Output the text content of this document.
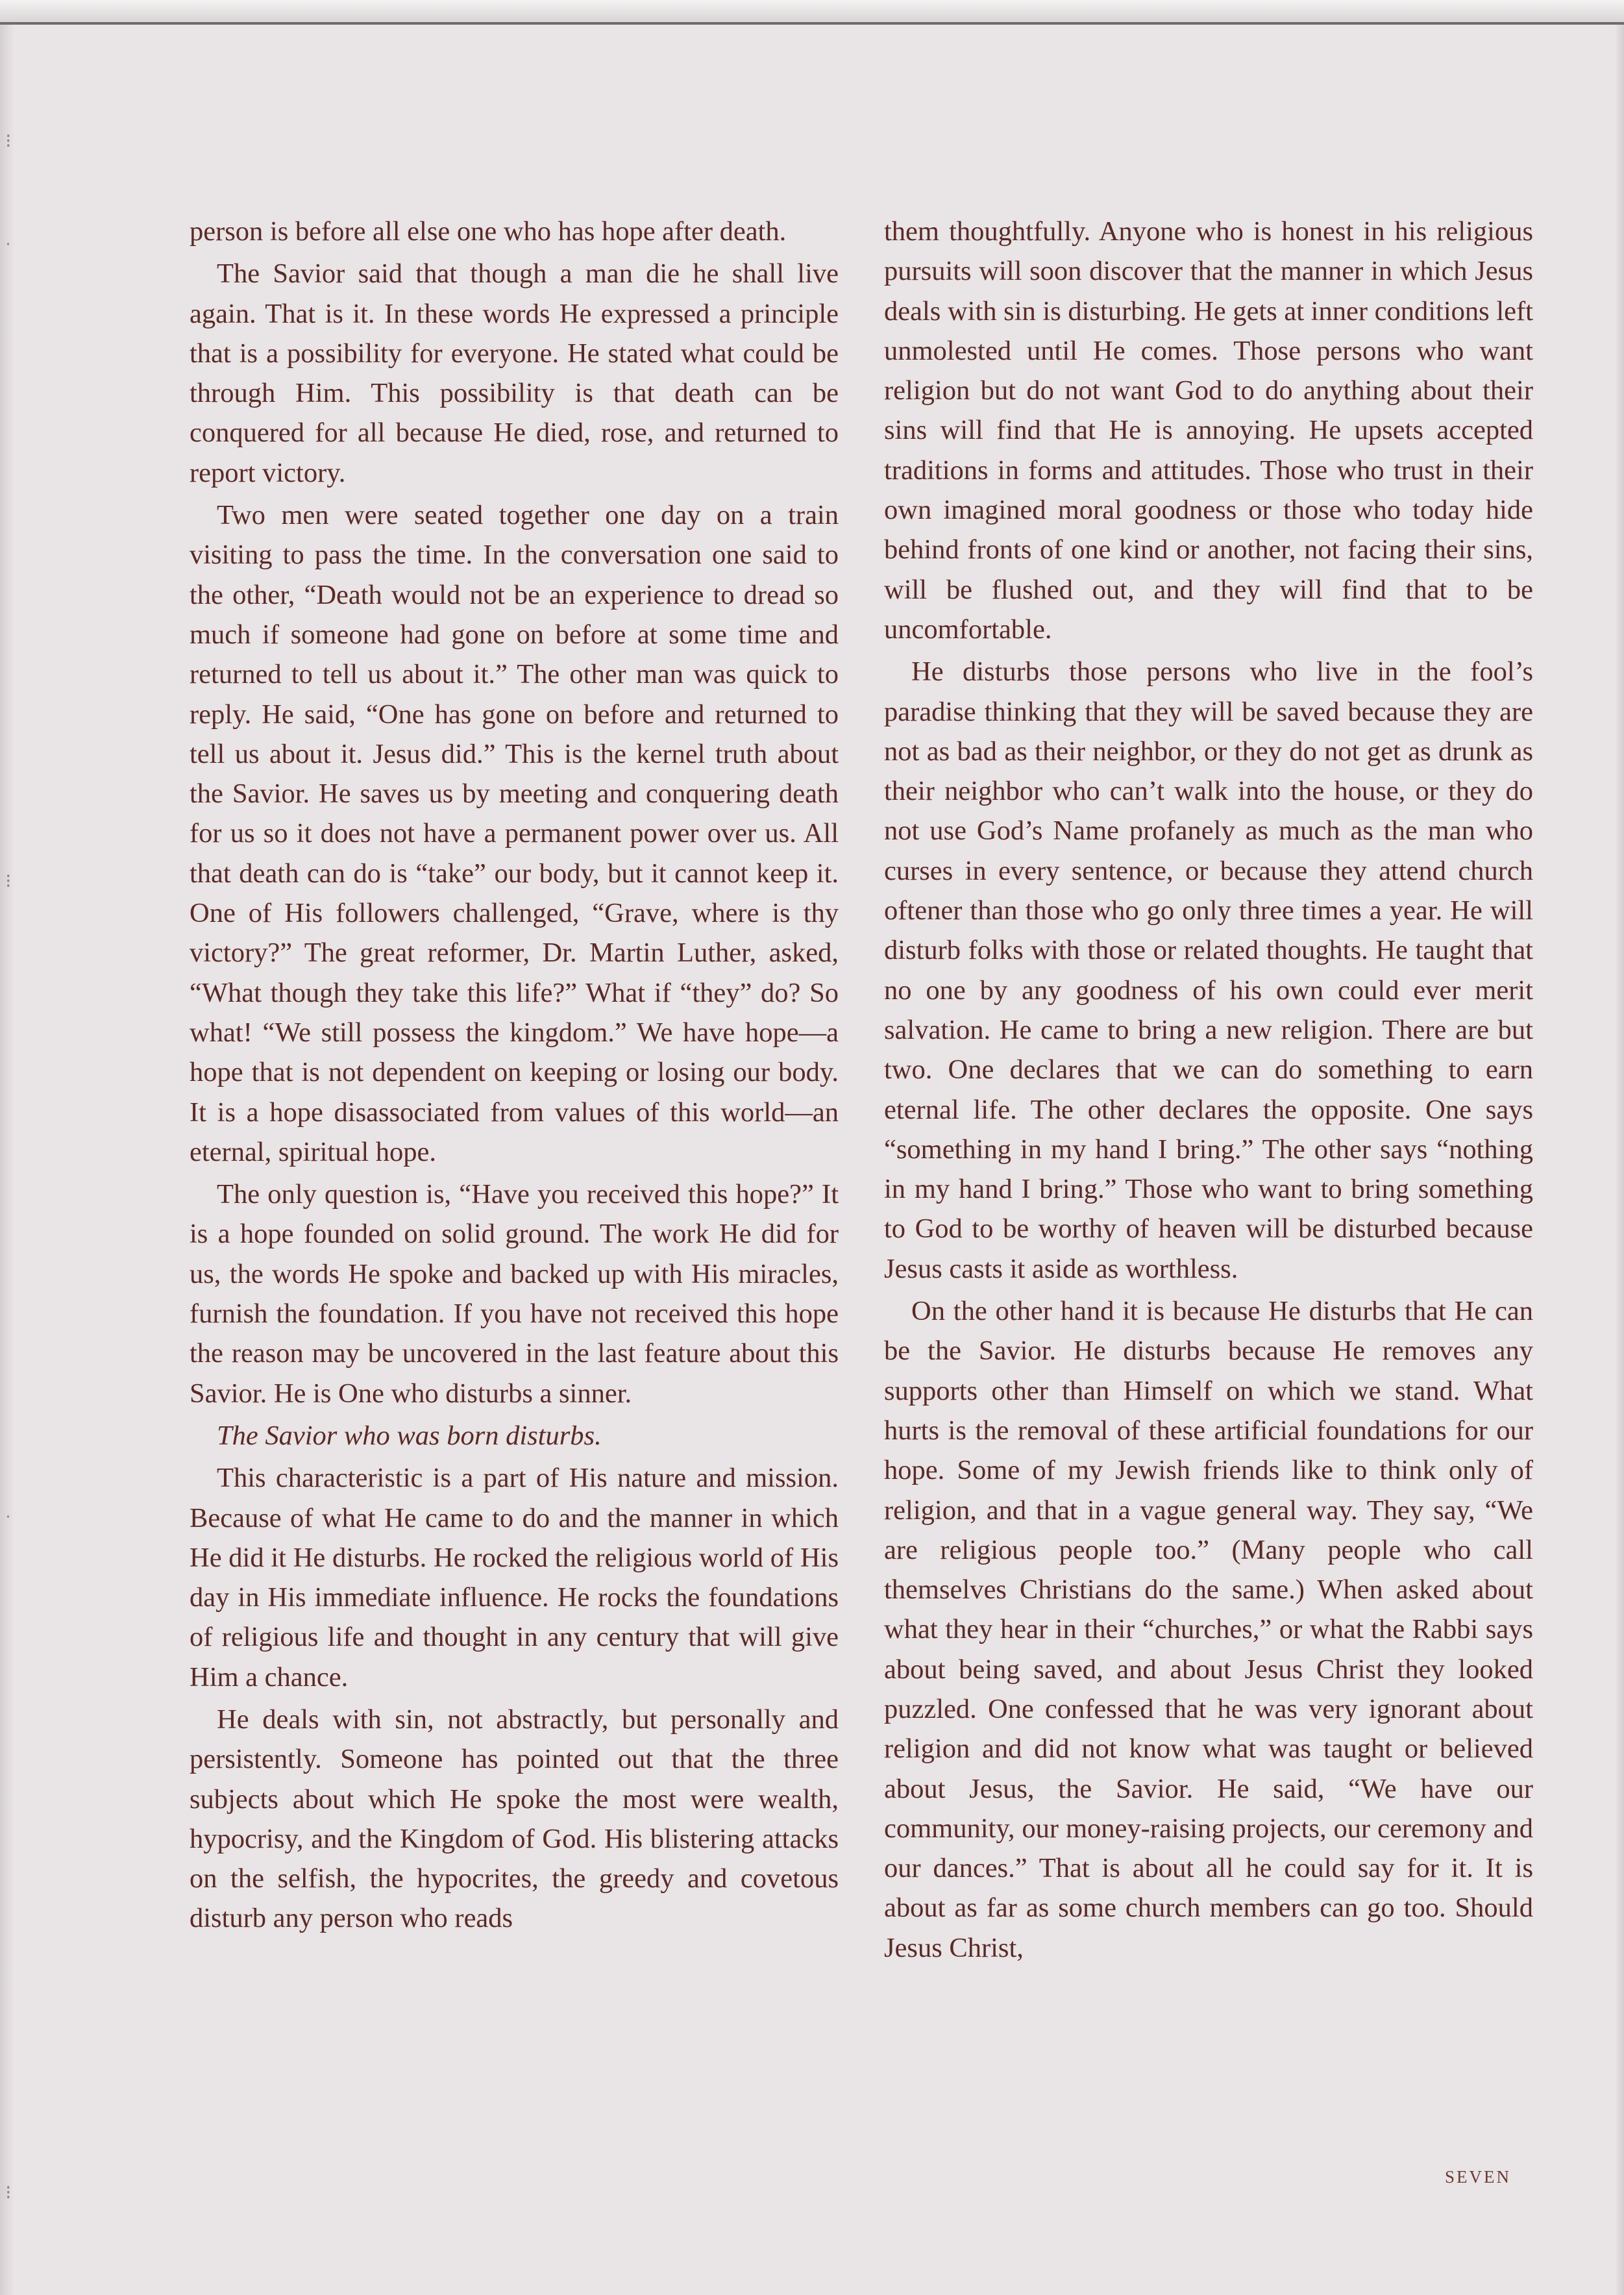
⁝
ᐧ
⁝
ᐧ
⁝

person is before all else one who has hope after death.

The Savior said that though a man die he shall live again. That is it. In these words He expressed a principle that is a possibility for everyone. He stated what could be through Him. This possibility is that death can be conquered for all because He died, rose, and returned to report victory.

Two men were seated together one day on a train visiting to pass the time. In the conversation one said to the other, “Death would not be an experience to dread so much if someone had gone on before at some time and returned to tell us about it.” The other man was quick to reply. He said, “One has gone on before and returned to tell us about it. Jesus did.” This is the kernel truth about the Savior. He saves us by meeting and conquering death for us so it does not have a permanent power over us. All that death can do is “take” our body, but it cannot keep it. One of His followers challenged, “Grave, where is thy victory?” The great reformer, Dr. Martin Luther, asked, “What though they take this life?” What if “they” do? So what! “We still possess the kingdom.” We have hope—a hope that is not dependent on keeping or losing our body. It is a hope disassociated from values of this world—an eternal, spiritual hope.

The only question is, “Have you received this hope?” It is a hope founded on solid ground. The work He did for us, the words He spoke and backed up with His miracles, furnish the foundation. If you have not received this hope the reason may be uncovered in the last feature about this Savior. He is One who disturbs a sinner.

The Savior who was born disturbs.

This characteristic is a part of His nature and mission. Because of what He came to do and the manner in which He did it He disturbs. He rocked the religious world of His day in His immediate influence. He rocks the foundations of religious life and thought in any century that will give Him a chance.

He deals with sin, not abstractly, but personally and persistently. Someone has pointed out that the three subjects about which He spoke the most were wealth, hypocrisy, and the Kingdom of God. His blistering attacks on the selfish, the hypocrites, the greedy and covetous disturb any person who reads

them thoughtfully. Anyone who is honest in his religious pursuits will soon discover that the manner in which Jesus deals with sin is disturbing. He gets at inner conditions left unmolested until He comes. Those persons who want religion but do not want God to do anything about their sins will find that He is annoying. He upsets accepted traditions in forms and attitudes. Those who trust in their own imagined moral goodness or those who today hide behind fronts of one kind or another, not facing their sins, will be flushed out, and they will find that to be uncomfortable.

He disturbs those persons who live in the fool’s paradise thinking that they will be saved because they are not as bad as their neighbor, or they do not get as drunk as their neighbor who can’t walk into the house, or they do not use God’s Name profanely as much as the man who curses in every sentence, or because they attend church oftener than those who go only three times a year. He will disturb folks with those or related thoughts. He taught that no one by any goodness of his own could ever merit salvation. He came to bring a new religion. There are but two. One declares that we can do something to earn eternal life. The other declares the opposite. One says “something in my hand I bring.” The other says “nothing in my hand I bring.” Those who want to bring something to God to be worthy of heaven will be disturbed because Jesus casts it aside as worthless.

On the other hand it is because He disturbs that He can be the Savior. He disturbs because He removes any supports other than Himself on which we stand. What hurts is the removal of these artificial foundations for our hope. Some of my Jewish friends like to think only of religion, and that in a vague general way. They say, “We are religious people too.” (Many people who call themselves Christians do the same.) When asked about what they hear in their “churches,” or what the Rabbi says about being saved, and about Jesus Christ they looked puzzled. One confessed that he was very ignorant about religion and did not know what was taught or believed about Jesus, the Savior. He said, “We have our community, our money-raising projects, our ceremony and our dances.” That is about all he could say for it. It is about as far as some church members can go too. Should Jesus Christ,

SEVEN
